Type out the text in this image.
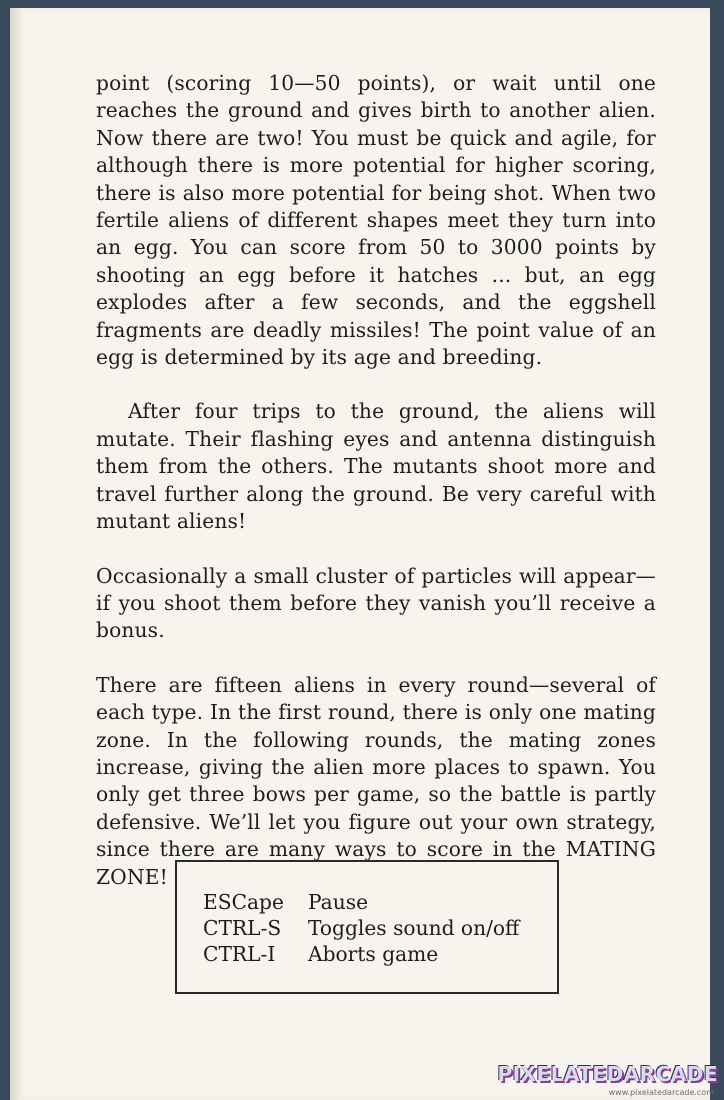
point (scoring 10—50 points), or wait until one reaches the ground and gives birth to another alien. Now there are two! You must be quick and agile, for although there is more potential for higher scoring, there is also more potential for being shot. When two fertile aliens of different shapes meet they turn into an egg. You can score from 50 to 3000 points by shooting an egg before it hatches ... but, an egg explodes after a few seconds, and the eggshell fragments are deadly missiles! The point value of an egg is determined by its age and breeding.

After four trips to the ground, the aliens will mutate. Their flashing eyes and antenna distinguish them from the others. The mutants shoot more and travel further along the ground. Be very careful with mutant aliens!

Occasionally a small cluster of particles will appear—if you shoot them before they vanish you’ll receive a bonus.

There are fifteen aliens in every round—several of each type. In the first round, there is only one mating zone. In the following rounds, the mating zones increase, giving the alien more places to spawn. You only get three bows per game, so the battle is partly defensive. We’ll let you figure out your own strategy, since there are many ways to score in the MATING ZONE!

ESCape	Pause
CTRL-S	Toggles sound on/off
CTRL-I	Aborts game
PIXELATEDARCADE
www.pixelatedarcade.com
